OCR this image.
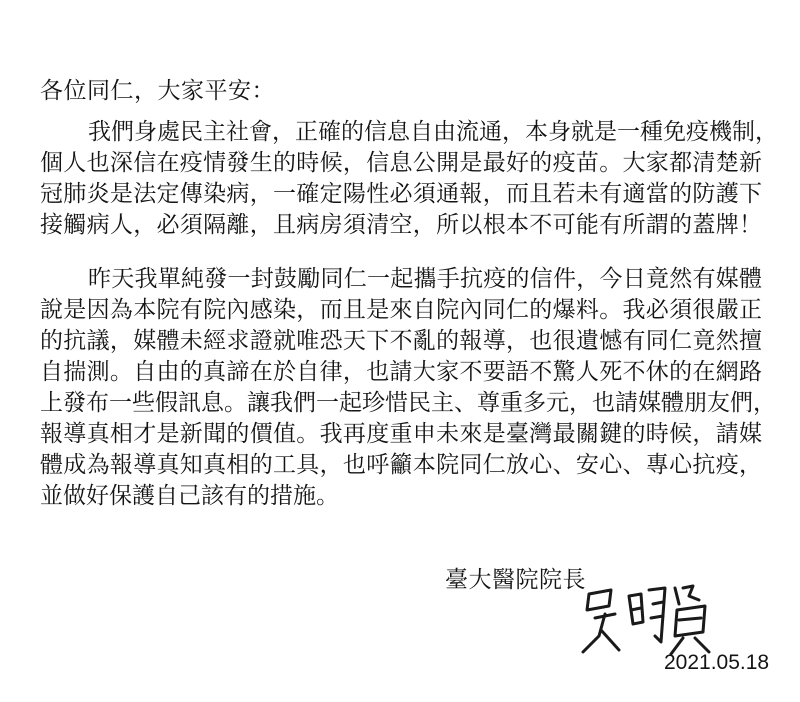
各位同仁，大家平安：
我們身處民主社會，正確的信息自由流通，本身就是一種免疫機制，
個人也深信在疫情發生的時候，信息公開是最好的疫苗。大家都清楚新
冠肺炎是法定傳染病，一確定陽性必須通報，而且若未有適當的防護下
接觸病人，必須隔離，且病房須清空，所以根本不可能有所謂的蓋牌！
昨天我單純發一封鼓勵同仁一起攜手抗疫的信件，今日竟然有媒體
說是因為本院有院內感染，而且是來自院內同仁的爆料。我必須很嚴正
的抗議，媒體未經求證就唯恐天下不亂的報導，也很遺憾有同仁竟然擅
自揣測。自由的真諦在於自律，也請大家不要語不驚人死不休的在網路
上發布一些假訊息。讓我們一起珍惜民主、尊重多元，也請媒體朋友們，
報導真相才是新聞的價值。我再度重申未來是臺灣最關鍵的時候，請媒
體成為報導真知真相的工具，也呼籲本院同仁放心、安心、專心抗疫，
並做好保護自己該有的措施。
臺大醫院院長
2021.05.18
